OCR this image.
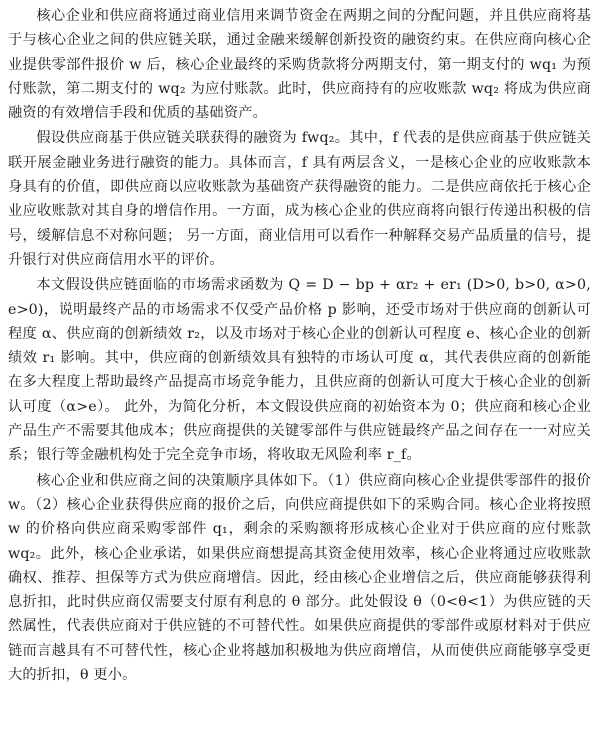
核心企业和供应商将通过商业信用来调节资金在两期之间的分配问题，并且供应商将基于与核心企业之间的供应链关联，通过金融来缓解创新投资的融资约束。在供应商向核心企业提供零部件报价 w 后，核心企业最终的采购货款将分两期支付，第一期支付的 wq₁ 为预付账款，第二期支付的 wq₂ 为应付账款。此时，供应商持有的应收账款 wq₂ 将成为供应商融资的有效增信手段和优质的基础资产。

假设供应商基于供应链关联获得的融资为 fwq₂。其中，f 代表的是供应商基于供应链关联开展金融业务进行融资的能力。具体而言，f 具有两层含义，一是核心企业的应收账款本身具有的价值，即供应商以应收账款为基础资产获得融资的能力。二是供应商依托于核心企业应收账款对其自身的增信作用。一方面，成为核心企业的供应商将向银行传递出积极的信号，缓解信息不对称问题； 另一方面，商业信用可以看作一种解释交易产品质量的信号，提升银行对供应商信用水平的评价。

本文假设供应链面临的市场需求函数为 Q = D − bp + αr₂ + er₁ (D>0, b>0, α>0, e>0)，说明最终产品的市场需求不仅受产品价格 p 影响，还受市场对于供应商的创新认可程度 α、供应商的创新绩效 r₂，以及市场对于核心企业的创新认可程度 e、核心企业的创新绩效 r₁ 影响。其中，供应商的创新绩效具有独特的市场认可度 α，其代表供应商的创新能在多大程度上帮助最终产品提高市场竞争能力，且供应商的创新认可度大于核心企业的创新认可度（α>e）。 此外，为简化分析，本文假设供应商的初始资本为 0；供应商和核心企业产品生产不需要其他成本；供应商提供的关键零部件与供应链最终产品之间存在一一对应关系；银行等金融机构处于完全竞争市场，将收取无风险利率 r_f。

核心企业和供应商之间的决策顺序具体如下。（1）供应商向核心企业提供零部件的报价 w。（2）核心企业获得供应商的报价之后，向供应商提供如下的采购合同。核心企业将按照 w 的价格向供应商采购零部件 q₁，剩余的采购额将形成核心企业对于供应商的应付账款 wq₂。此外，核心企业承诺，如果供应商想提高其资金使用效率，核心企业将通过应收账款确权、推荐、担保等方式为供应商增信。因此，经由核心企业增信之后，供应商能够获得利息折扣，此时供应商仅需要支付原有利息的 θ 部分。此处假设 θ（0<θ<1）为供应链的天然属性，代表供应商对于供应链的不可替代性。如果供应商提供的零部件或原材料对于供应链而言越具有不可替代性，核心企业将越加积极地为供应商增信，从而使供应商能够享受更大的折扣，θ 更小。
